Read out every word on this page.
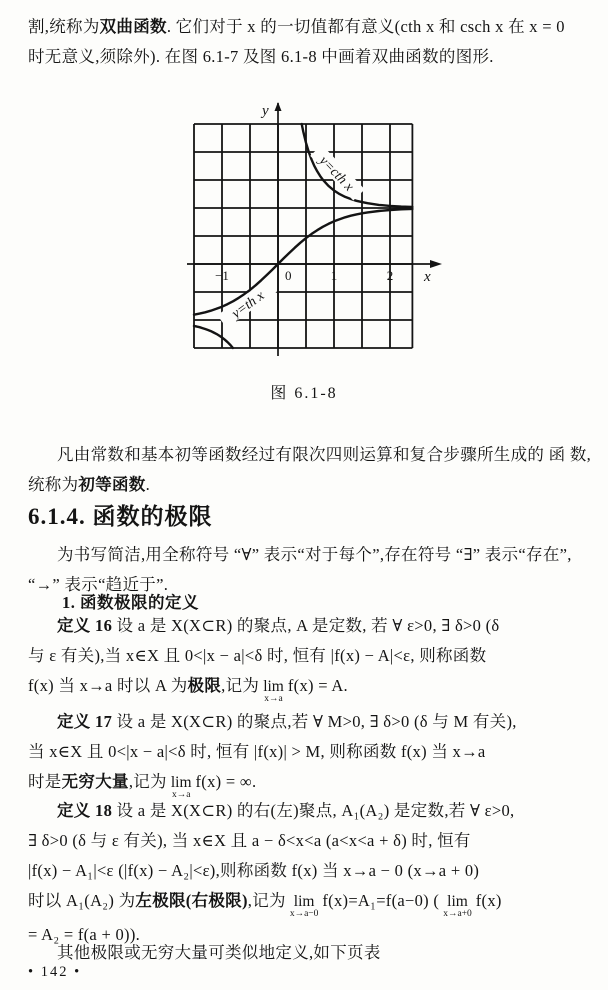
割,统称为双曲函数. 它们对于 x 的一切值都有意义(cth x 和 csch x 在 x = 0
时无意义,须除外). 在图 6.1-7 及图 6.1-8 中画着双曲函数的图形.
y
x
−1	0	1	2
y=cth x
y=th x
图 6.1-8
凡由常数和基本初等函数经过有限次四则运算和复合步骤所生成的 函 数,
统称为初等函数.
6.1.4. 函数的极限
为书写简洁,用全称符号 “∀” 表示“对于每个”,存在符号 “∃” 表示“存在”,
“→” 表示“趋近于”.
1. 函数极限的定义
定义 16 设 a 是 X(X⊂R) 的聚点, A 是定数, 若 ∀ ε>0, ∃ δ>0 (δ
与 ε 有关),当 x∈X 且 0<|x − a|<δ 时, 恒有 |f(x) − A|<ε, 则称函数
f(x) 当 x→a 时以 A 为极限,记为 lim
x→a
f(x) = A.
定义 17 设 a 是 X(X⊂R) 的聚点,若 ∀ M>0, ∃ δ>0 (δ 与 M 有关),
当 x∈X 且 0<|x − a|<δ 时, 恒有 |f(x)| > M, 则称函数 f(x) 当 x→a
时是无穷大量,记为 lim
x→a
f(x) = ∞.
定义 18 设 a 是 X(X⊂R) 的右(左)聚点, A₁(A₂) 是定数,若 ∀ ε>0,
∃ δ>0 (δ 与 ε 有关), 当 x∈X 且 a − δ<x<a (a<x<a + δ) 时, 恒有
|f(x) − A₁|<ε (|f(x) − A₂|<ε),则称函数 f(x) 当 x→a − 0 (x→a + 0)
时以 A₁(A₂) 为左极限(右极限),记为 lim
x→a−0
f(x)=A₁=f(a−0) ( lim
x→a+0
f(x)
= A₂ = f(a + 0)).
其他极限或无穷大量可类似地定义,如下页表
• 142 •
